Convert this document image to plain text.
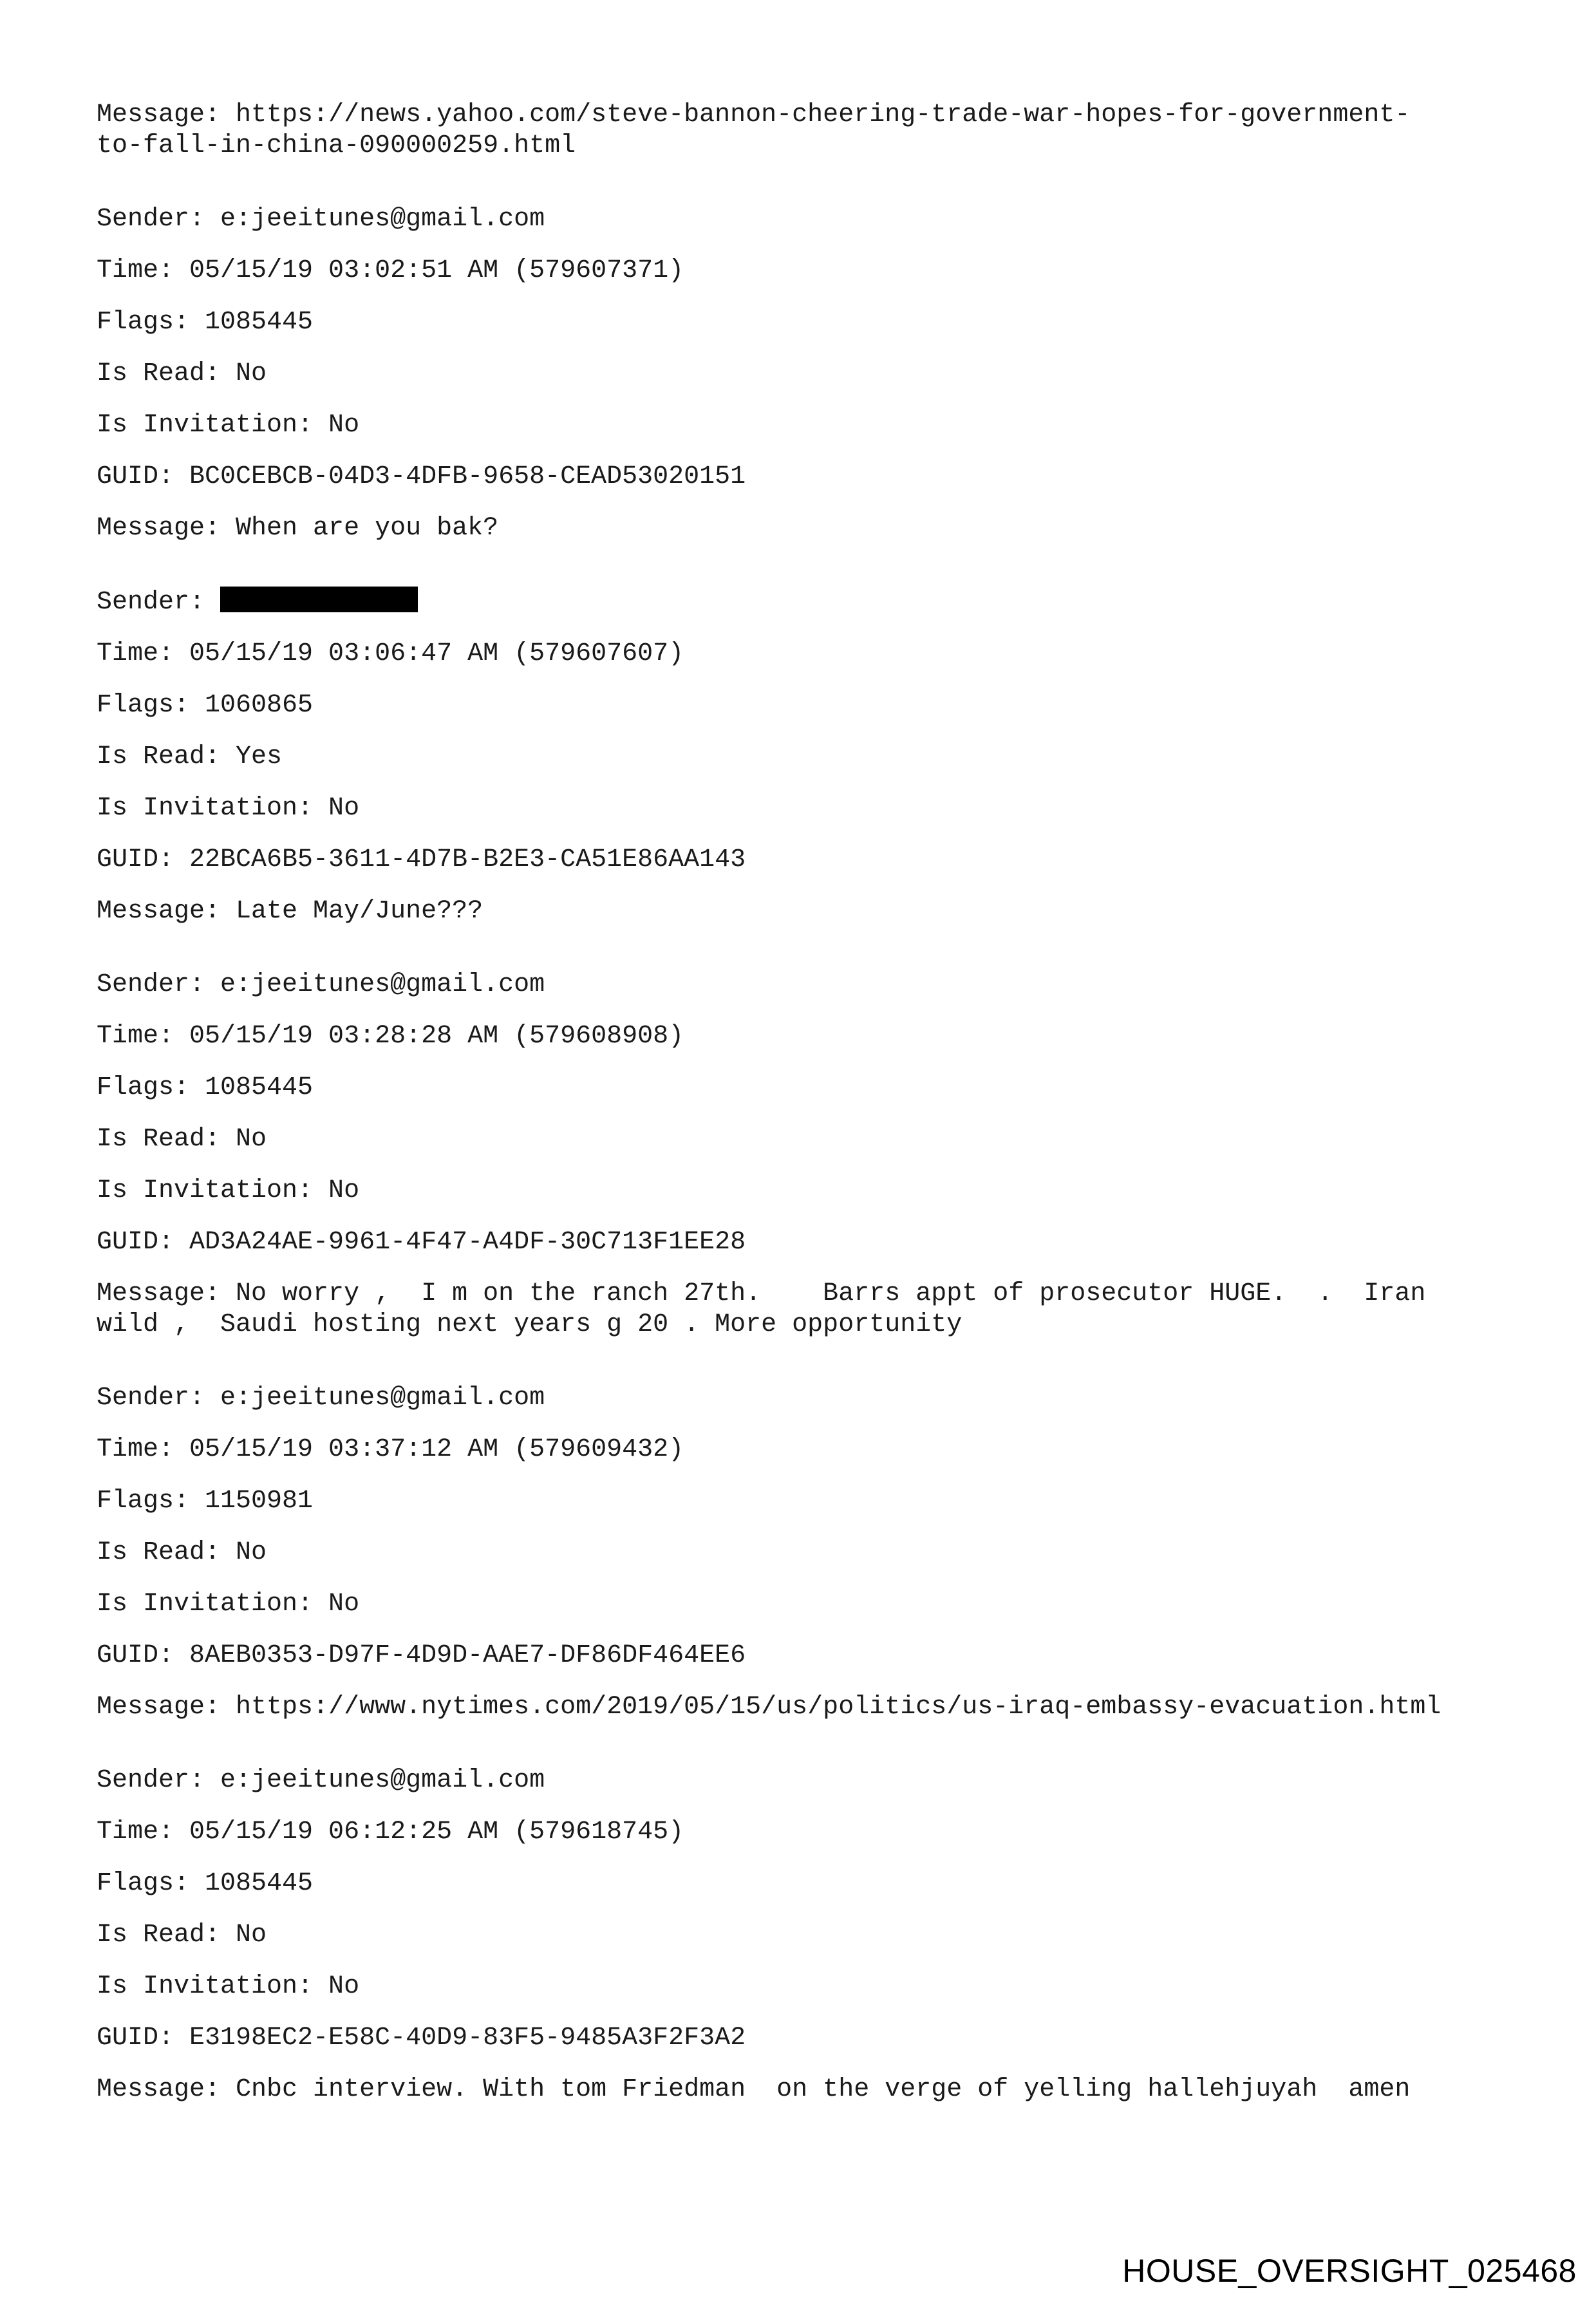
Message: https://news.yahoo.com/steve-bannon-cheering-trade-war-hopes-for-government-
to-fall-in-china-090000259.html

Sender: e:jeeitunes@gmail.com

Time: 05/15/19 03:02:51 AM (579607371)

Flags: 1085445

Is Read: No

Is Invitation: No

GUID: BC0CEBCB-04D3-4DFB-9658-CEAD53020151

Message: When are you bak?

Sender:

Time: 05/15/19 03:06:47 AM (579607607)

Flags: 1060865

Is Read: Yes

Is Invitation: No

GUID: 22BCA6B5-3611-4D7B-B2E3-CA51E86AA143

Message: Late May/June???

Sender: e:jeeitunes@gmail.com

Time: 05/15/19 03:28:28 AM (579608908)

Flags: 1085445

Is Read: No

Is Invitation: No

GUID: AD3A24AE-9961-4F47-A4DF-30C713F1EE28

Message: No worry ,  I m on the ranch 27th.    Barrs appt of prosecutor HUGE.  .  Iran
wild ,  Saudi hosting next years g 20 . More opportunity

Sender: e:jeeitunes@gmail.com

Time: 05/15/19 03:37:12 AM (579609432)

Flags: 1150981

Is Read: No

Is Invitation: No

GUID: 8AEB0353-D97F-4D9D-AAE7-DF86DF464EE6

Message: https://www.nytimes.com/2019/05/15/us/politics/us-iraq-embassy-evacuation.html

Sender: e:jeeitunes@gmail.com

Time: 05/15/19 06:12:25 AM (579618745)

Flags: 1085445

Is Read: No

Is Invitation: No

GUID: E3198EC2-E58C-40D9-83F5-9485A3F2F3A2

Message: Cnbc interview. With tom Friedman  on the verge of yelling hallehjuyah  amen

HOUSE_OVERSIGHT_025468
